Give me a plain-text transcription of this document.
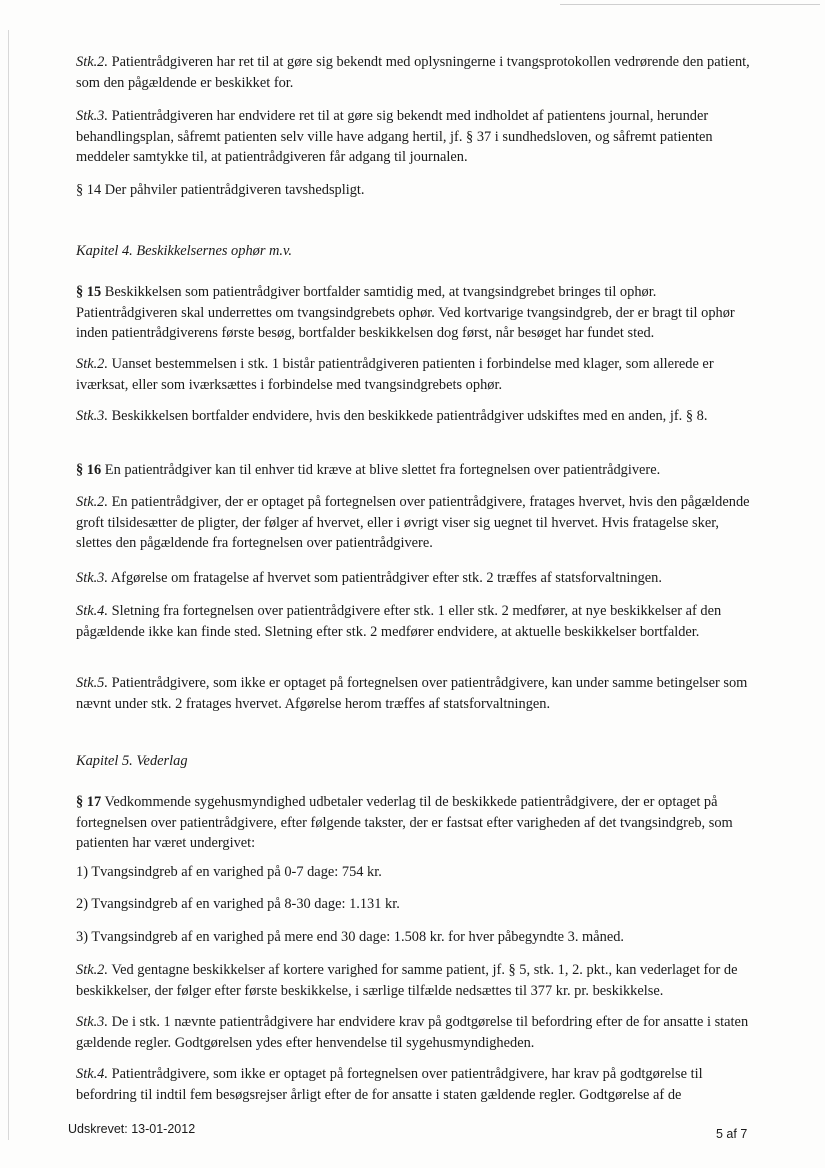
Stk.2. Patientrådgiveren har ret til at gøre sig bekendt med oplysningerne i tvangsprotokollen vedrørende den patient, som den pågældende er beskikket for.

Stk.3. Patientrådgiveren har endvidere ret til at gøre sig bekendt med indholdet af patientens journal, herunder behandlingsplan, såfremt patienten selv ville have adgang hertil, jf. § 37 i sundhedsloven, og såfremt patienten meddeler samtykke til, at patientrådgiveren får adgang til journalen.

§ 14 Der påhviler patientrådgiveren tavshedspligt.

Kapitel 4. Beskikkelsernes ophør m.v.

§ 15 Beskikkelsen som patientrådgiver bortfalder samtidig med, at tvangsindgrebet bringes til ophør. Patientrådgiveren skal underrettes om tvangsindgrebets ophør. Ved kortvarige tvangsindgreb, der er bragt til ophør inden patientrådgiverens første besøg, bortfalder beskikkelsen dog først, når besøget har fundet sted.

Stk.2. Uanset bestemmelsen i stk. 1 bistår patientrådgiveren patienten i forbindelse med klager, som allerede er iværksat, eller som iværksættes i forbindelse med tvangsindgrebets ophør.

Stk.3. Beskikkelsen bortfalder endvidere, hvis den beskikkede patientrådgiver udskiftes med en anden, jf. § 8.

§ 16 En patientrådgiver kan til enhver tid kræve at blive slettet fra fortegnelsen over patientrådgivere.

Stk.2. En patientrådgiver, der er optaget på fortegnelsen over patientrådgivere, fratages hvervet, hvis den pågældende groft tilsidesætter de pligter, der følger af hvervet, eller i øvrigt viser sig uegnet til hvervet. Hvis fratagelse sker, slettes den pågældende fra fortegnelsen over patientrådgivere.

Stk.3. Afgørelse om fratagelse af hvervet som patientrådgiver efter stk. 2 træffes af statsforvaltningen.

Stk.4. Sletning fra fortegnelsen over patientrådgivere efter stk. 1 eller stk. 2 medfører, at nye beskikkelser af den pågældende ikke kan finde sted. Sletning efter stk. 2 medfører endvidere, at aktuelle beskikkelser bortfalder.

Stk.5. Patientrådgivere, som ikke er optaget på fortegnelsen over patientrådgivere, kan under samme betingelser som nævnt under stk. 2 fratages hvervet. Afgørelse herom træffes af statsforvaltningen.

Kapitel 5. Vederlag

§ 17 Vedkommende sygehusmyndighed udbetaler vederlag til de beskikkede patientrådgivere, der er optaget på fortegnelsen over patientrådgivere, efter følgende takster, der er fastsat efter varigheden af det tvangsindgreb, som patienten har været undergivet:

1) Tvangsindgreb af en varighed på 0-7 dage: 754 kr.

2) Tvangsindgreb af en varighed på 8-30 dage: 1.131 kr.

3) Tvangsindgreb af en varighed på mere end 30 dage: 1.508 kr. for hver påbegyndte 3. måned.

Stk.2. Ved gentagne beskikkelser af kortere varighed for samme patient, jf. § 5, stk. 1, 2. pkt., kan vederlaget for de beskikkelser, der følger efter første beskikkelse, i særlige tilfælde nedsættes til 377 kr. pr. beskikkelse.

Stk.3. De i stk. 1 nævnte patientrådgivere har endvidere krav på godtgørelse til befordring efter de for ansatte i staten gældende regler. Godtgørelsen ydes efter henvendelse til sygehusmyndigheden.

Stk.4. Patientrådgivere, som ikke er optaget på fortegnelsen over patientrådgivere, har krav på godtgørelse til befordring til indtil fem besøgsrejser årligt efter de for ansatte i staten gældende regler. Godtgørelse af de

Udskrevet: 13-01-2012	5 af 7
